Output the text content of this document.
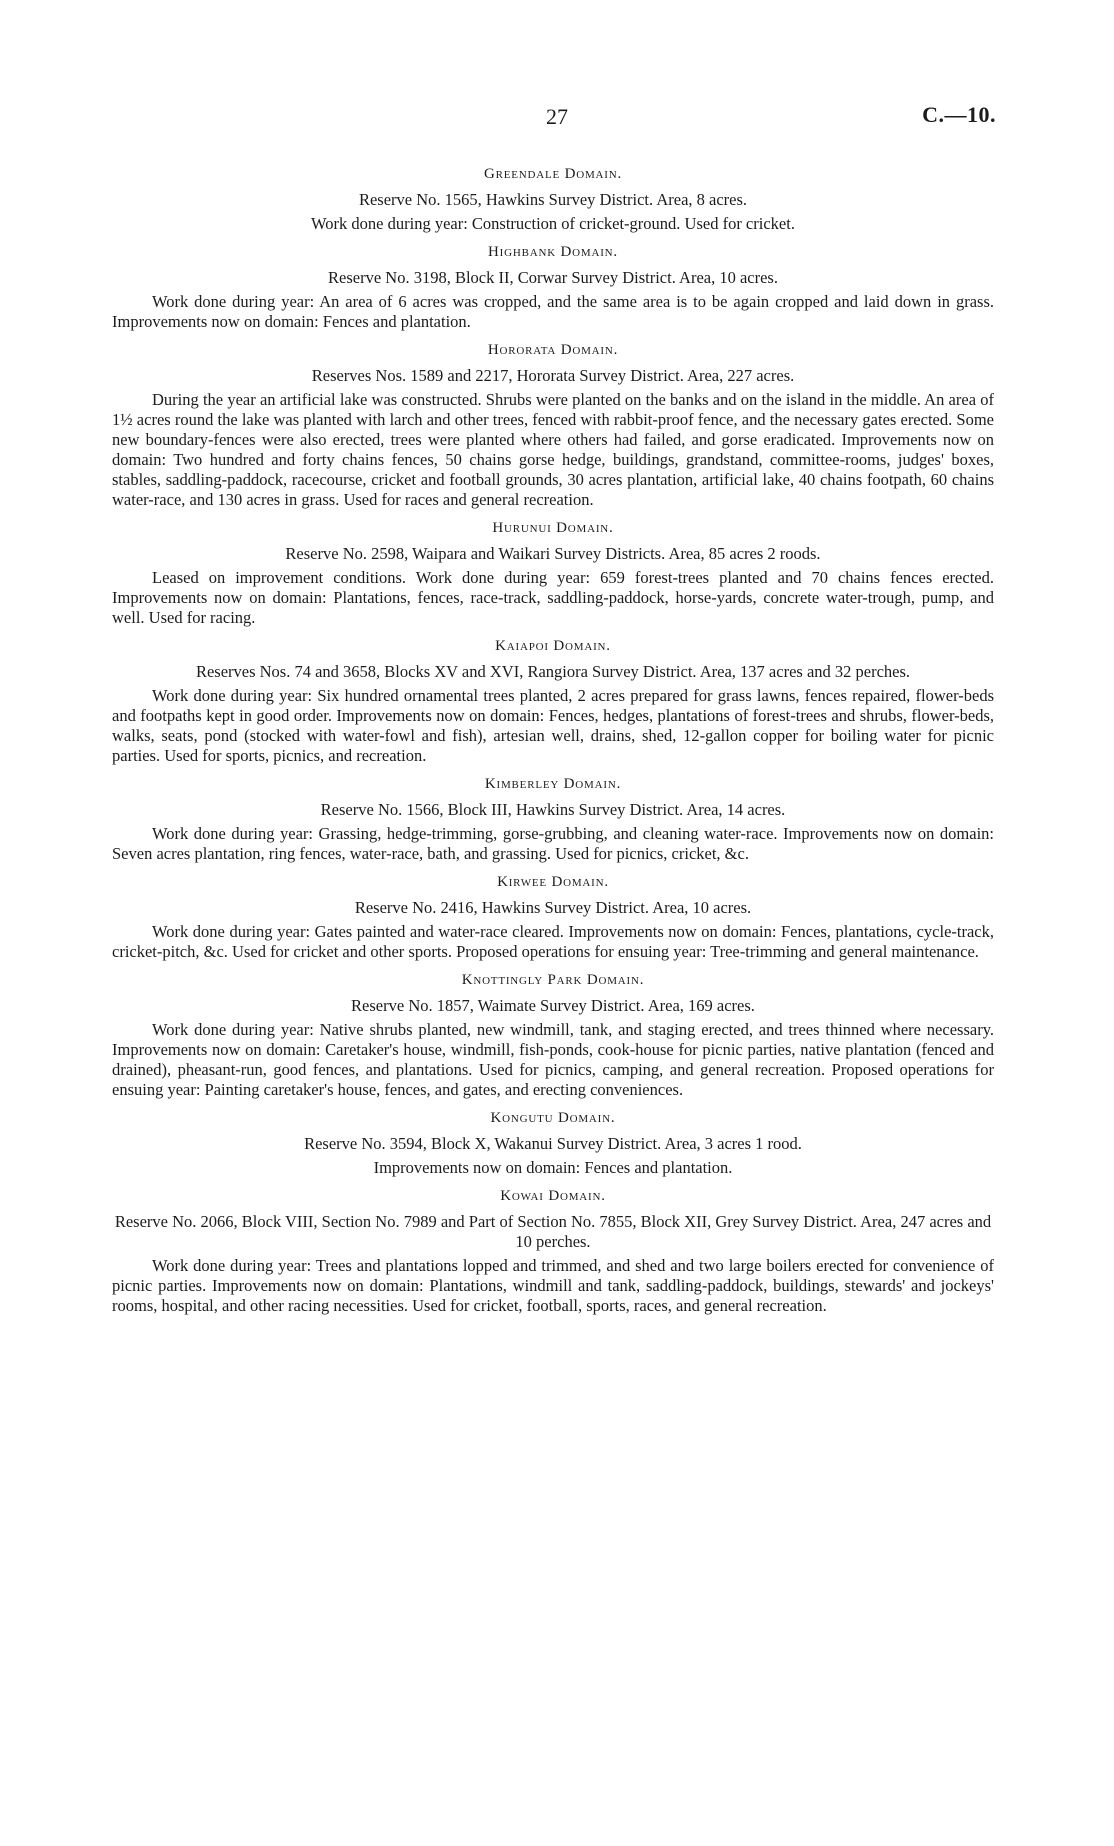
27	C.—10.
Greendale Domain.
Reserve No. 1565, Hawkins Survey District. Area, 8 acres.
Work done during year: Construction of cricket-ground. Used for cricket.
Highbank Domain.
Reserve No. 3198, Block II, Corwar Survey District. Area, 10 acres.
Work done during year: An area of 6 acres was cropped, and the same area is to be again cropped and laid down in grass. Improvements now on domain: Fences and plantation.
Hororata Domain.
Reserves Nos. 1589 and 2217, Hororata Survey District. Area, 227 acres.
During the year an artificial lake was constructed. Shrubs were planted on the banks and on the island in the middle. An area of 1½ acres round the lake was planted with larch and other trees, fenced with rabbit-proof fence, and the necessary gates erected. Some new boundary-fences were also erected, trees were planted where others had failed, and gorse eradicated. Improvements now on domain: Two hundred and forty chains fences, 50 chains gorse hedge, buildings, grandstand, committee-rooms, judges' boxes, stables, saddling-paddock, racecourse, cricket and football grounds, 30 acres plantation, artificial lake, 40 chains footpath, 60 chains water-race, and 130 acres in grass. Used for races and general recreation.
Hurunui Domain.
Reserve No. 2598, Waipara and Waikari Survey Districts. Area, 85 acres 2 roods.
Leased on improvement conditions. Work done during year: 659 forest-trees planted and 70 chains fences erected. Improvements now on domain: Plantations, fences, race-track, saddling-paddock, horse-yards, concrete water-trough, pump, and well. Used for racing.
Kaiapoi Domain.
Reserves Nos. 74 and 3658, Blocks XV and XVI, Rangiora Survey District. Area, 137 acres and 32 perches.
Work done during year: Six hundred ornamental trees planted, 2 acres prepared for grass lawns, fences repaired, flower-beds and footpaths kept in good order. Improvements now on domain: Fences, hedges, plantations of forest-trees and shrubs, flower-beds, walks, seats, pond (stocked with water-fowl and fish), artesian well, drains, shed, 12-gallon copper for boiling water for picnic parties. Used for sports, picnics, and recreation.
Kimberley Domain.
Reserve No. 1566, Block III, Hawkins Survey District. Area, 14 acres.
Work done during year: Grassing, hedge-trimming, gorse-grubbing, and cleaning water-race. Improvements now on domain: Seven acres plantation, ring fences, water-race, bath, and grassing. Used for picnics, cricket, &c.
Kirwee Domain.
Reserve No. 2416, Hawkins Survey District. Area, 10 acres.
Work done during year: Gates painted and water-race cleared. Improvements now on domain: Fences, plantations, cycle-track, cricket-pitch, &c. Used for cricket and other sports. Proposed operations for ensuing year: Tree-trimming and general maintenance.
Knottingly Park Domain.
Reserve No. 1857, Waimate Survey District. Area, 169 acres.
Work done during year: Native shrubs planted, new windmill, tank, and staging erected, and trees thinned where necessary. Improvements now on domain: Caretaker's house, windmill, fish-ponds, cook-house for picnic parties, native plantation (fenced and drained), pheasant-run, good fences, and plantations. Used for picnics, camping, and general recreation. Proposed operations for ensuing year: Painting caretaker's house, fences, and gates, and erecting conveniences.
Kongutu Domain.
Reserve No. 3594, Block X, Wakanui Survey District. Area, 3 acres 1 rood.
Improvements now on domain: Fences and plantation.
Kowai Domain.
Reserve No. 2066, Block VIII, Section No. 7989 and Part of Section No. 7855, Block XII, Grey Survey District. Area, 247 acres and 10 perches.
Work done during year: Trees and plantations lopped and trimmed, and shed and two large boilers erected for convenience of picnic parties. Improvements now on domain: Plantations, windmill and tank, saddling-paddock, buildings, stewards' and jockeys' rooms, hospital, and other racing necessities. Used for cricket, football, sports, races, and general recreation.
